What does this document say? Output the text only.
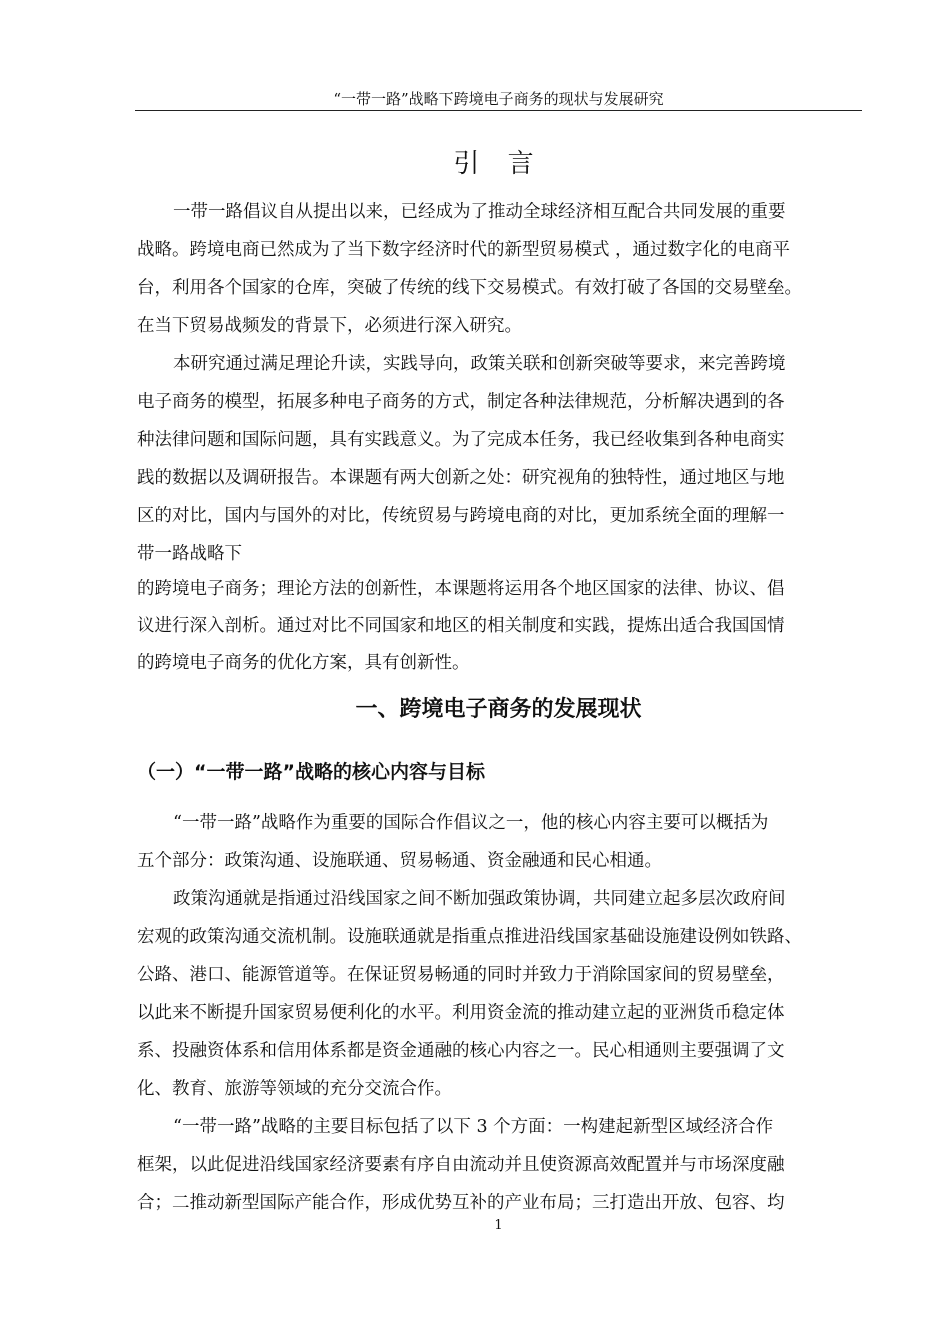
“一带一路”战略下跨境电子商务的现状与发展研究
引 言
一带一路倡议自从提出以来，已经成为了推动全球经济相互配合共同发展的重要
战略。跨境电商已然成为了当下数字经济时代的新型贸易模式 ，通过数字化的电商平
台，利用各个国家的仓库，突破了传统的线下交易模式。有效打破了各国的交易壁垒。
在当下贸易战频发的背景下，必须进行深入研究。
本研究通过满足理论升读，实践导向，政策关联和创新突破等要求，来完善跨境
电子商务的模型，拓展多种电子商务的方式，制定各种法律规范，分析解决遇到的各
种法律问题和国际问题，具有实践意义。为了完成本任务，我已经收集到各种电商实
践的数据以及调研报告。本课题有两大创新之处：研究视角的独特性，通过地区与地
区的对比，国内与国外的对比，传统贸易与跨境电商的对比，更加系统全面的理解一
带一路战略下
的跨境电子商务；理论方法的创新性，本课题将运用各个地区国家的法律、协议、倡
议进行深入剖析。通过对比不同国家和地区的相关制度和实践，提炼出适合我国国情
的跨境电子商务的优化方案，具有创新性。
一、跨境电子商务的发展现状
（一）“一带一路”战略的核心内容与目标
“一带一路”战略作为重要的国际合作倡议之一，他的核心内容主要可以概括为
五个部分：政策沟通、设施联通、贸易畅通、资金融通和民心相通。
政策沟通就是指通过沿线国家之间不断加强政策协调，共同建立起多层次政府间
宏观的政策沟通交流机制。设施联通就是指重点推进沿线国家基础设施建设例如铁路、
公路、港口、能源管道等。在保证贸易畅通的同时并致力于消除国家间的贸易壁垒，
以此来不断提升国家贸易便利化的水平。利用资金流的推动建立起的亚洲货币稳定体
系、投融资体系和信用体系都是资金通融的核心内容之一。民心相通则主要强调了文
化、教育、旅游等领域的充分交流合作。
“一带一路”战略的主要目标包括了以下 3 个方面：一构建起新型区域经济合作
框架，以此促进沿线国家经济要素有序自由流动并且使资源高效配置并与市场深度融
合；二推动新型国际产能合作，形成优势互补的产业布局；三打造出开放、包容、均
1
